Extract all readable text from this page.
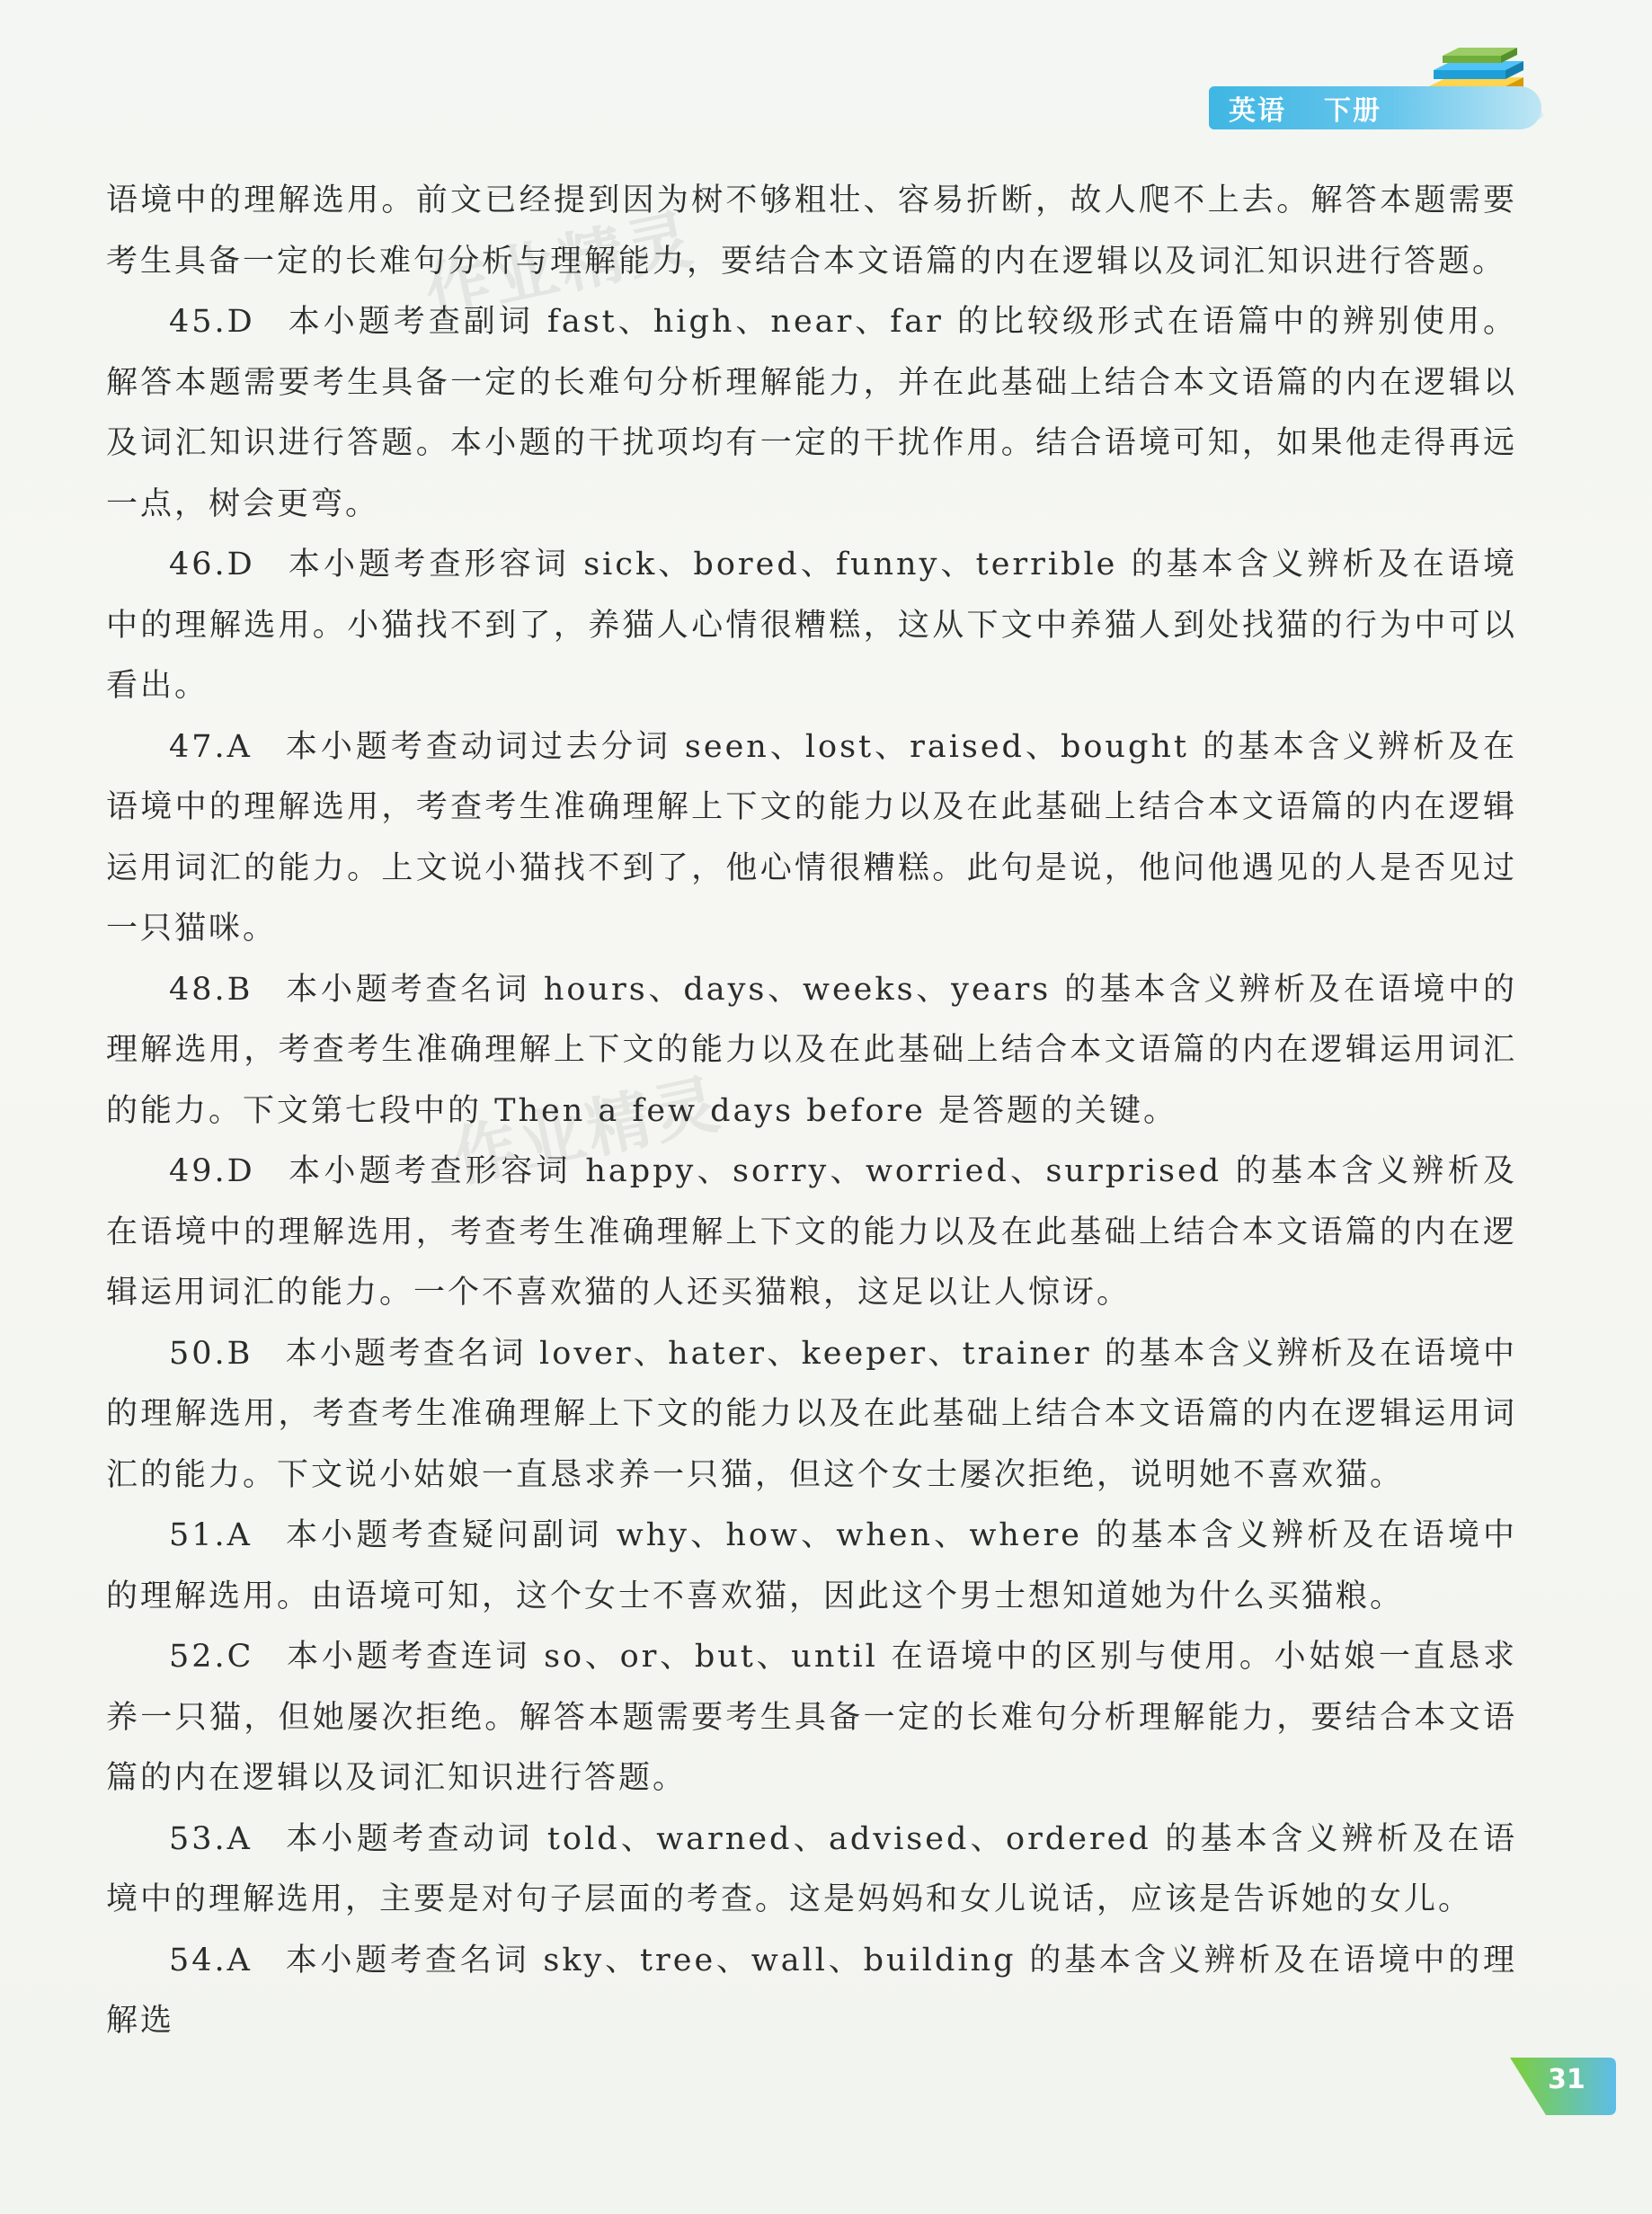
英语 下册

语境中的理解选用。前文已经提到因为树不够粗壮、容易折断，故人爬不上去。解答本题需要考生具备一定的长难句分析与理解能力，要结合本文语篇的内在逻辑以及词汇知识进行答题。

45.D 本小题考查副词 fast、high、near、far 的比较级形式在语篇中的辨别使用。解答本题需要考生具备一定的长难句分析理解能力，并在此基础上结合本文语篇的内在逻辑以及词汇知识进行答题。本小题的干扰项均有一定的干扰作用。结合语境可知，如果他走得再远一点，树会更弯。

46.D 本小题考查形容词 sick、bored、funny、terrible 的基本含义辨析及在语境中的理解选用。小猫找不到了，养猫人心情很糟糕，这从下文中养猫人到处找猫的行为中可以看出。

47.A 本小题考查动词过去分词 seen、lost、raised、bought 的基本含义辨析及在语境中的理解选用，考查考生准确理解上下文的能力以及在此基础上结合本文语篇的内在逻辑运用词汇的能力。上文说小猫找不到了，他心情很糟糕。此句是说，他问他遇见的人是否见过一只猫咪。

48.B 本小题考查名词 hours、days、weeks、years 的基本含义辨析及在语境中的理解选用，考查考生准确理解上下文的能力以及在此基础上结合本文语篇的内在逻辑运用词汇的能力。下文第七段中的 Then a few days before 是答题的关键。

49.D 本小题考查形容词 happy、sorry、worried、surprised 的基本含义辨析及在语境中的理解选用，考查考生准确理解上下文的能力以及在此基础上结合本文语篇的内在逻辑运用词汇的能力。一个不喜欢猫的人还买猫粮，这足以让人惊讶。

50.B 本小题考查名词 lover、hater、keeper、trainer 的基本含义辨析及在语境中的理解选用，考查考生准确理解上下文的能力以及在此基础上结合本文语篇的内在逻辑运用词汇的能力。下文说小姑娘一直恳求养一只猫，但这个女士屡次拒绝，说明她不喜欢猫。

51.A 本小题考查疑问副词 why、how、when、where 的基本含义辨析及在语境中的理解选用。由语境可知，这个女士不喜欢猫，因此这个男士想知道她为什么买猫粮。

52.C 本小题考查连词 so、or、but、until 在语境中的区别与使用。小姑娘一直恳求养一只猫，但她屡次拒绝。解答本题需要考生具备一定的长难句分析理解能力，要结合本文语篇的内在逻辑以及词汇知识进行答题。

53.A 本小题考查动词 told、warned、advised、ordered 的基本含义辨析及在语境中的理解选用，主要是对句子层面的考查。这是妈妈和女儿说话，应该是告诉她的女儿。

54.A 本小题考查名词 sky、tree、wall、building 的基本含义辨析及在语境中的理解选

31
